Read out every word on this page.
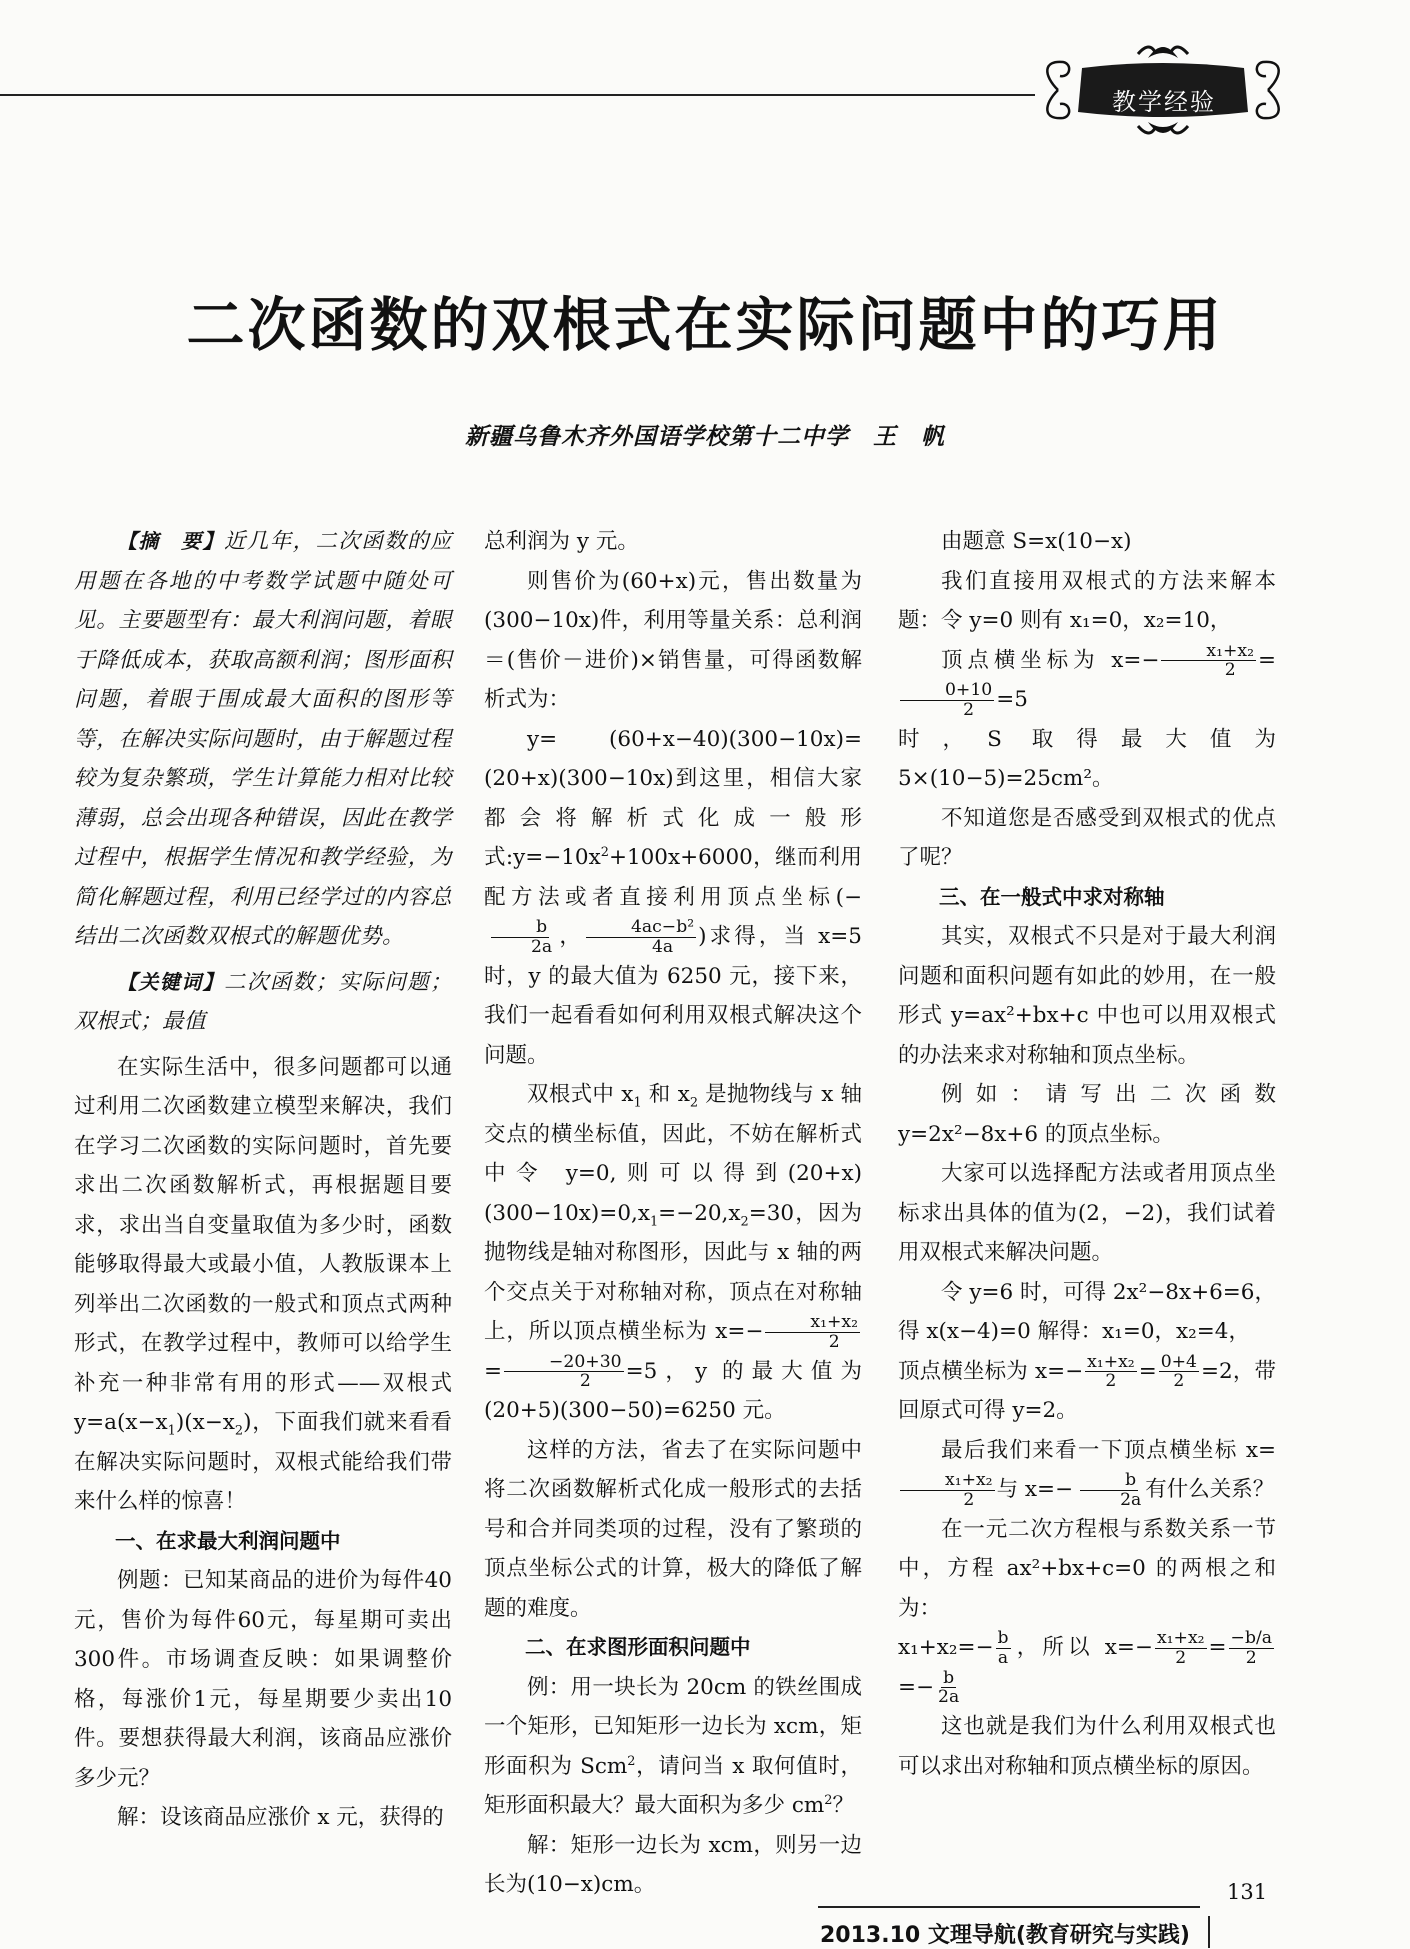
教学经验
二次函数的双根式在实际问题中的巧用
新疆乌鲁木齐外国语学校第十二中学　王　帆

【摘　要】近几年，二次函数的应用题在各地的中考数学试题中随处可见。主要题型有：最大利润问题，着眼于降低成本，获取高额利润；图形面积问题，着眼于围成最大面积的图形等等，在解决实际问题时，由于解题过程较为复杂繁琐，学生计算能力相对比较薄弱，总会出现各种错误，因此在教学过程中，根据学生情况和教学经验，为简化解题过程，利用已经学过的内容总结出二次函数双根式的解题优势。

【关键词】二次函数；实际问题；双根式；最值

在实际生活中，很多问题都可以通过利用二次函数建立模型来解决，我们在学习二次函数的实际问题时，首先要求出二次函数解析式，再根据题目要求，求出当自变量取值为多少时，函数能够取得最大或最小值，人教版课本上列举出二次函数的一般式和顶点式两种形式，在教学过程中，教师可以给学生补充一种非常有用的形式——双根式 $y=a(x-x_1)(x-x_2)$，下面我们就来看看在解决实际问题时，双根式能给我们带来什么样的惊喜！

一、在求最大利润问题中

例题：已知某商品的进价为每件40元，售价为每件60元，每星期可卖出300件。市场调查反映：如果调整价格，每涨价1元，每星期要少卖出10件。要想获得最大利润，该商品应涨价多少元？

解：设该商品应涨价 x 元，获得的

总利润为 y 元。

则售价为(60+x)元，售出数量为(300−10x)件，利用等量关系：总利润＝(售价－进价)×销售量，可得函数解析式为：

y= (60+x−40)(300−10x)=(20+x)(300−10x)到这里，相信大家都会将解析式化成一般形式$:y=-10x^2+100x+6000$，继而利用配方法或者直接利用顶点坐标(−
$\frac{b}{2a}$ ， $\frac{\text{4ac−b²}}{4a}$ )求得，当 x=5 时，y 的最大值为 6250 元，接下来，我们一起看看如何利用双根式解决这个问题。

双根式中 $x_1$ 和 $x_2$ 是抛物线与 x 轴交点的横坐标值，因此，不妨在解析式中令 y=0,则可以得到$(20+x)(300-10x)=0,x_1=-20,x_2=30$，因为抛物线是轴对称图形，因此与 x 轴的两个交点关于对称轴对称，顶点在对称轴上，所以顶点横坐标为 $x=- \frac{\text{x₁+x₂}}{2}$
= $\frac{-20+30}{2} =5$，y 的最大值为(20+5)(300−50)=6250 元。

这样的方法，省去了在实际问题中将二次函数解析式化成一般形式的去括号和合并同类项的过程，没有了繁琐的顶点坐标公式的计算，极大的降低了解题的难度。

二、在求图形面积问题中

例：用一块长为 20cm 的铁丝围成一个矩形，已知矩形一边长为 xcm，矩形面积为 Scm$^2$，请问当 x 取何值时，矩形面积最大？最大面积为多少 $cm^2$？

解：矩形一边长为 xcm，则另一边长为(10−x)cm。

由题意 S=x(10−x)

我们直接用双根式的方法来解本题：令 y=0 则有 x₁=0，x₂=10，

顶点横坐标为 $x=- \frac{\text{x₁+x₂}}{2}$ =
$\frac{0+10}{2} =5$

时，S 取得最大值为 5×(10−5)=25cm²。

不知道您是否感受到双根式的优点了呢？

三、在一般式中求对称轴

其实，双根式不只是对于最大利润问题和面积问题有如此的妙用，在一般形式 y=ax²+bx+c 中也可以用双根式的办法来求对称轴和顶点坐标。

例如：请写出二次函数 y=2x²−8x+6 的顶点坐标。

大家可以选择配方法或者用顶点坐标求出具体的值为(2，−2)，我们试着用双根式来解决问题。

令 y=6 时，可得 2x²−8x+6=6，得 x(x−4)=0 解得：x₁=0，x₂=4，

顶点横坐标为 $x=- \frac{\text{x₁+x₂}}{2} = \frac{0+4}{2} =2$，带回原式可得 y=2。

最后我们来看一下顶点横坐标 x=
$\frac{\text{x₁+x₂}}{2}$ 与 $x=- \frac{b}{2a}$ 有什么关系？

在一元二次方程根与系数关系一节中，方程 ax²+bx+c=0 的两根之和为：

$x_1+x_2=- \frac{b}{a}$ ，所以 $x=- \frac{\text{x₁+x₂}}{2} = \frac{-b/a}{2}$
=− $\frac{b}{2a}$

这也就是我们为什么利用双根式也可以求出对称轴和顶点横坐标的原因。

131
2013.10 文理导航(教育研究与实践)
